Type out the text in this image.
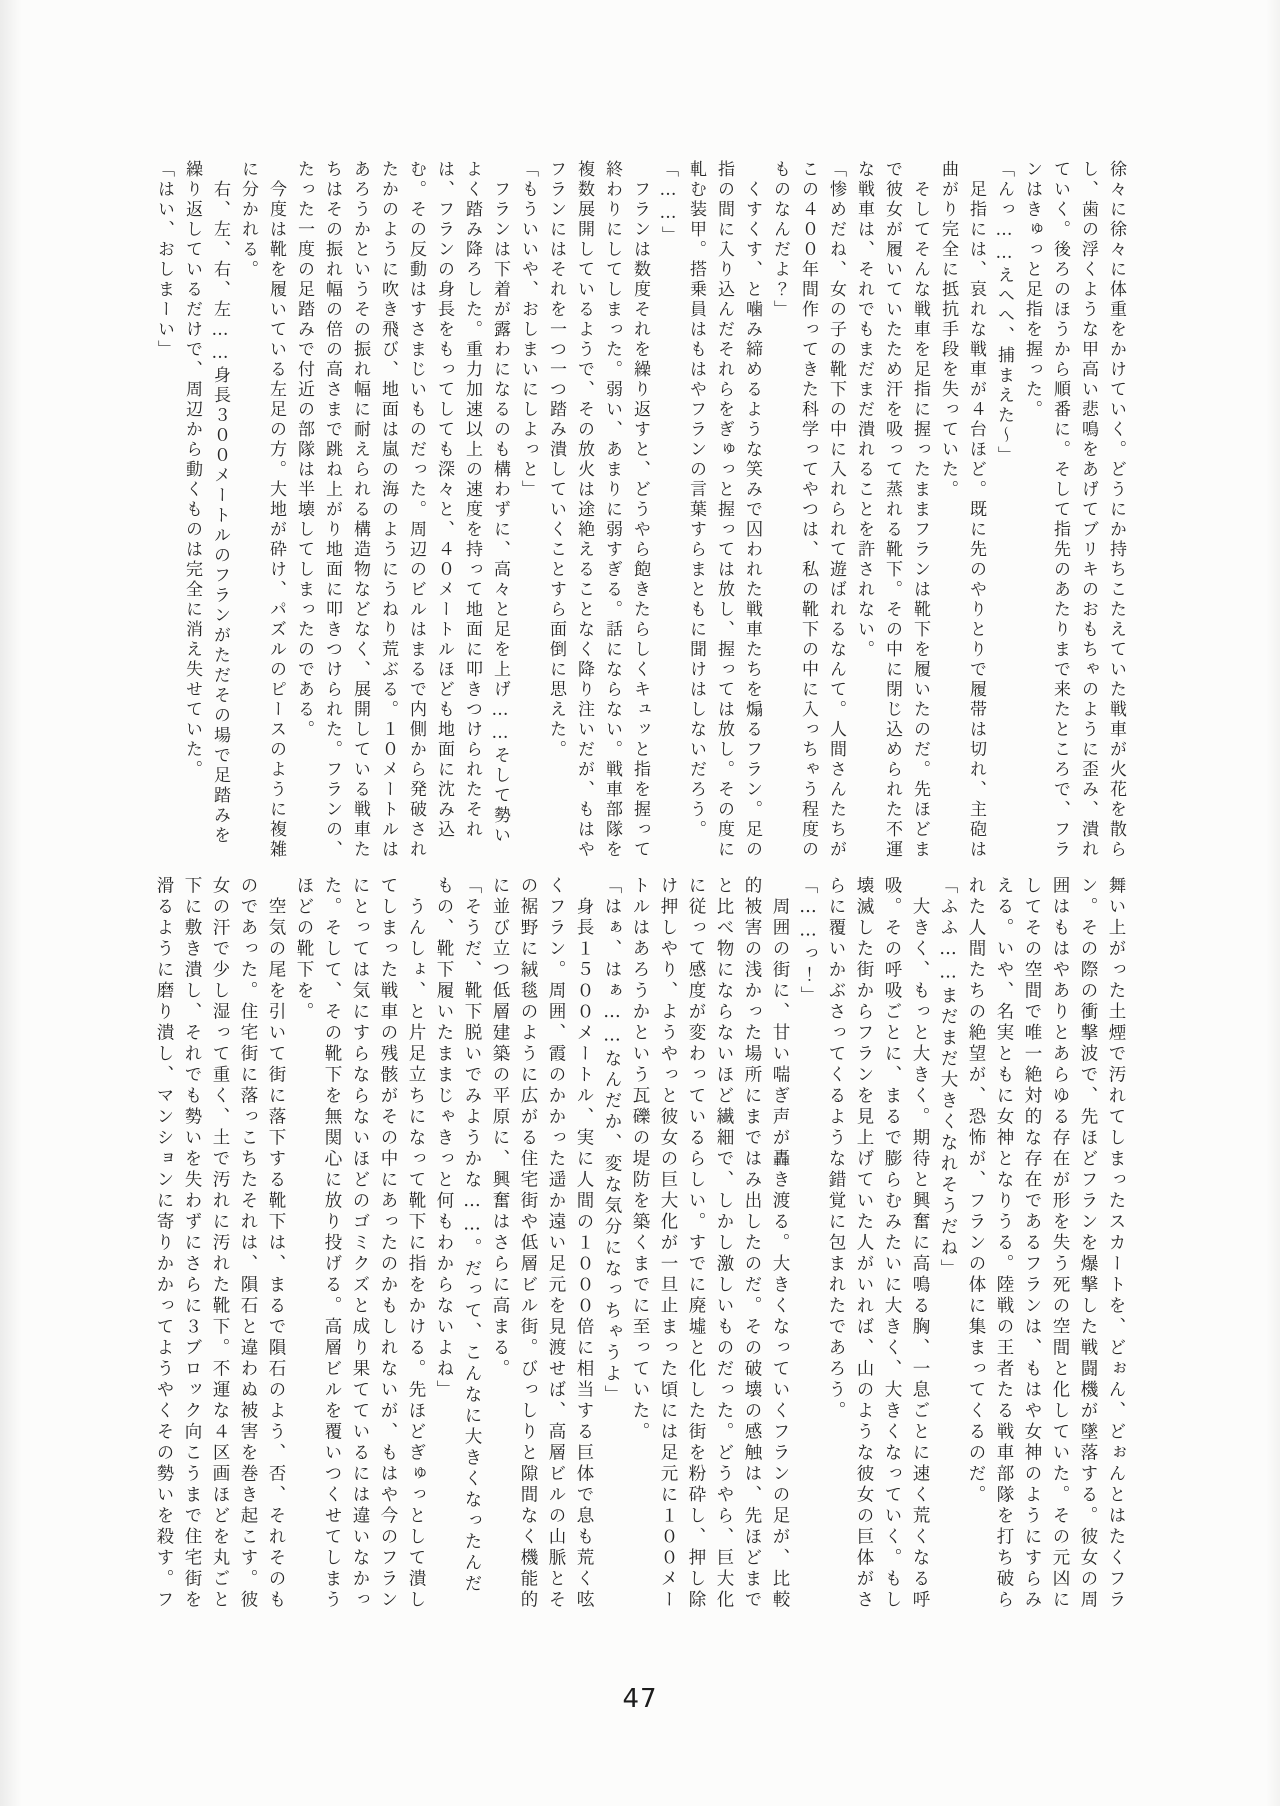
徐々に徐々に体重をかけていく。どうにか持ちこたえていた戦車が火花を散らし、歯の浮くような甲高い悲鳴をあげてブリキのおもちゃのように歪み、潰れていく。後ろのほうから順番に。そして指先のあたりまで来たところで、フランはきゅっと足指を握った。

「んっ……えへへ、捕まえた〜」

　足指には、哀れな戦車が４台ほど。既に先のやりとりで履帯は切れ、主砲は曲がり完全に抵抗手段を失っていた。

　そしてそんな戦車を足指に握ったままフランは靴下を履いたのだ。先ほどまで彼女が履いていたため汗を吸って蒸れる靴下。その中に閉じ込められた不運な戦車は、それでもまだまだ潰れることを許されない。

「惨めだね、女の子の靴下の中に入れられて遊ばれるなんて。人間さんたちがこの４００年間作ってきた科学ってやつは、私の靴下の中に入っちゃう程度のものなんだよ？」

　くすくす、と噛み締めるような笑みで囚われた戦車たちを煽るフラン。足の指の間に入り込んだそれらをぎゅっと握っては放し、握っては放し。その度に軋む装甲。搭乗員はもはやフランの言葉すらまともに聞けはしないだろう。

「……」

　フランは数度それを繰り返すと、どうやら飽きたらしくキュッと指を握って終わりにしてしまった。弱い、あまりに弱すぎる。話にならない。戦車部隊を複数展開しているようで、その放火は途絶えることなく降り注いだが、もはやフランにはそれを一つ一つ踏み潰していくことすら面倒に思えた。

「もういいや、おしまいにしよっと」

　フランは下着が露わになるのも構わずに、高々と足を上げ……そして勢いよく踏み降ろした。重力加速以上の速度を持って地面に叩きつけられたそれは、フランの身長をもってしても深々と、４０メートルほども地面に沈み込む。その反動はすさまじいものだった。周辺のビルはまるで内側から発破されたかのように吹き飛び、地面は嵐の海のようにうねり荒ぶる。１０メートルはあろうかというその振れ幅に耐えられる構造物などなく、展開している戦車たちはその振れ幅の倍の高さまで跳ね上がり地面に叩きつけられた。フランの、たった一度の足踏みで付近の部隊は半壊してしまったのである。

　今度は靴を履いている左足の方。大地が砕け、パズルのピースのように複雑に分かれる。

　右、左、右、左……身長３００メートルのフランがただその場で足踏みを繰り返しているだけで、周辺から動くものは完全に消え失せていた。

「はい、おしまーい」

舞い上がった土煙で汚れてしまったスカートを、どぉん、どぉんとはたくフラン。その際の衝撃波で、先ほどフランを爆撃した戦闘機が墜落する。彼女の周囲はもはやありとあらゆる存在が形を失う死の空間と化していた。その元凶にしてその空間で唯一絶対的な存在であるフランは、もはや女神のようにすらみえる。いや、名実ともに女神となりうる。陸戦の王者たる戦車部隊を打ち破られた人間たちの絶望が、恐怖が、フランの体に集まってくるのだ。

「ふふ……まだまだ大きくなれそうだね」

　大きく、もっと大きく。期待と興奮に高鳴る胸、一息ごとに速く荒くなる呼吸。その呼吸ごとに、まるで膨らむみたいに大きく、大きくなっていく。もし壊滅した街からフランを見上げていた人がいれば、山のような彼女の巨体がさらに覆いかぶさってくるような錯覚に包まれたであろう。

「……っ！」

　周囲の街に、甘い喘ぎ声が轟き渡る。大きくなっていくフランの足が、比較的被害の浅かった場所にまではみ出したのだ。その破壊の感触は、先ほどまでと比べ物にならないほど繊細で、しかし激しいものだった。どうやら、巨大化に従って感度が変わっているらしい。すでに廃墟と化した街を粉砕し、押し除け押しやり、ようやっと彼女の巨大化が一旦止まった頃には足元に１００メートルはあろうかという瓦礫の堤防を築くまでに至っていた。

「はぁ、はぁ……なんだか、変な気分になっちゃうよ」

　身長１５００メートル、実に人間の１０００倍に相当する巨体で息も荒く呟くフラン。周囲、霞のかかった遥か遠い足元を見渡せば、高層ビルの山脈とその裾野に絨毯のように広がる住宅街や低層ビル街。びっしりと隙間なく機能的に並び立つ低層建築の平原に、興奮はさらに高まる。

「そうだ、靴下脱いでみようかな……。だって、こんなに大きくなったんだもの、靴下履いたままじゃきっと何もわからないよね」

　うんしょ、と片足立ちになって靴下に指をかける。先ほどぎゅっとして潰してしまった戦車の残骸がその中にあったのかもしれないが、もはや今のフランにとっては気にすらならないほどのゴミクズと成り果てているには違いなかった。そして、その靴下を無関心に放り投げる。高層ビルを覆いつくせてしまうほどの靴下を。

　空気の尾を引いて街に落下する靴下は、まるで隕石のよう、否、それそのものであった。住宅街に落っこちたそれは、隕石と違わぬ被害を巻き起こす。彼女の汗で少し湿って重く、土で汚れに汚れた靴下。不運な４区画ほどを丸ごと下に敷き潰し、それでも勢いを失わずにさらに３ブロック向こうまで住宅街を滑るように磨り潰し、マンションに寄りかかってようやくその勢いを殺す。フ

47
